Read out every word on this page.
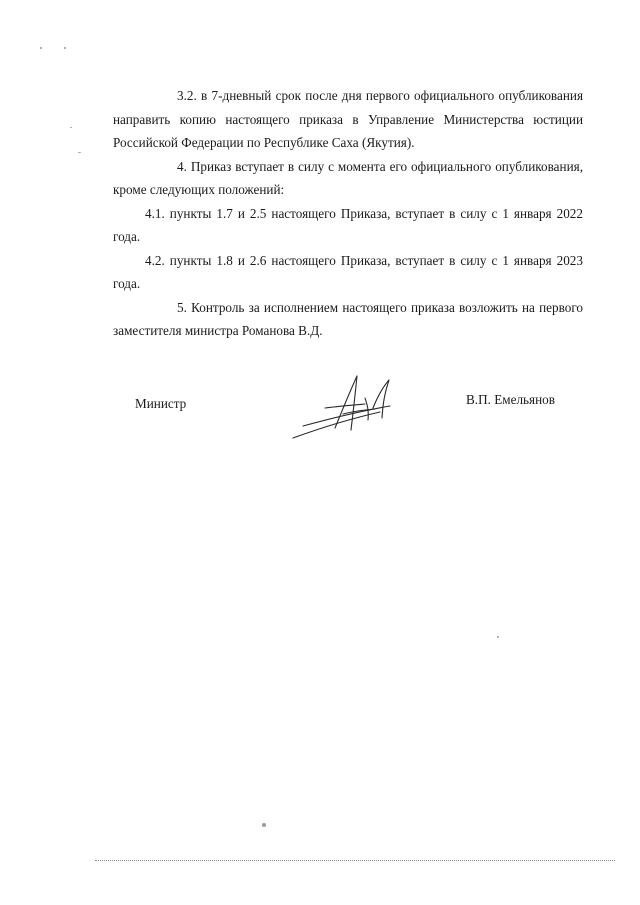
3.2. в 7-дневный срок после дня первого официального опубликования направить копию настоящего приказа в Управление Министерства юстиции Российской Федерации по Республике Саха (Якутия).

4. Приказ вступает в силу с момента его официального опубликования, кроме следующих положений:

4.1. пункты 1.7 и 2.5 настоящего Приказа, вступает в силу с 1 января 2022 года.

4.2. пункты 1.8 и 2.6 настоящего Приказа, вступает в силу с 1 января 2023 года.

5. Контроль за исполнением настоящего приказа возложить на первого заместителя министра Романова В.Д.

Министр	В.П. Емельянов
